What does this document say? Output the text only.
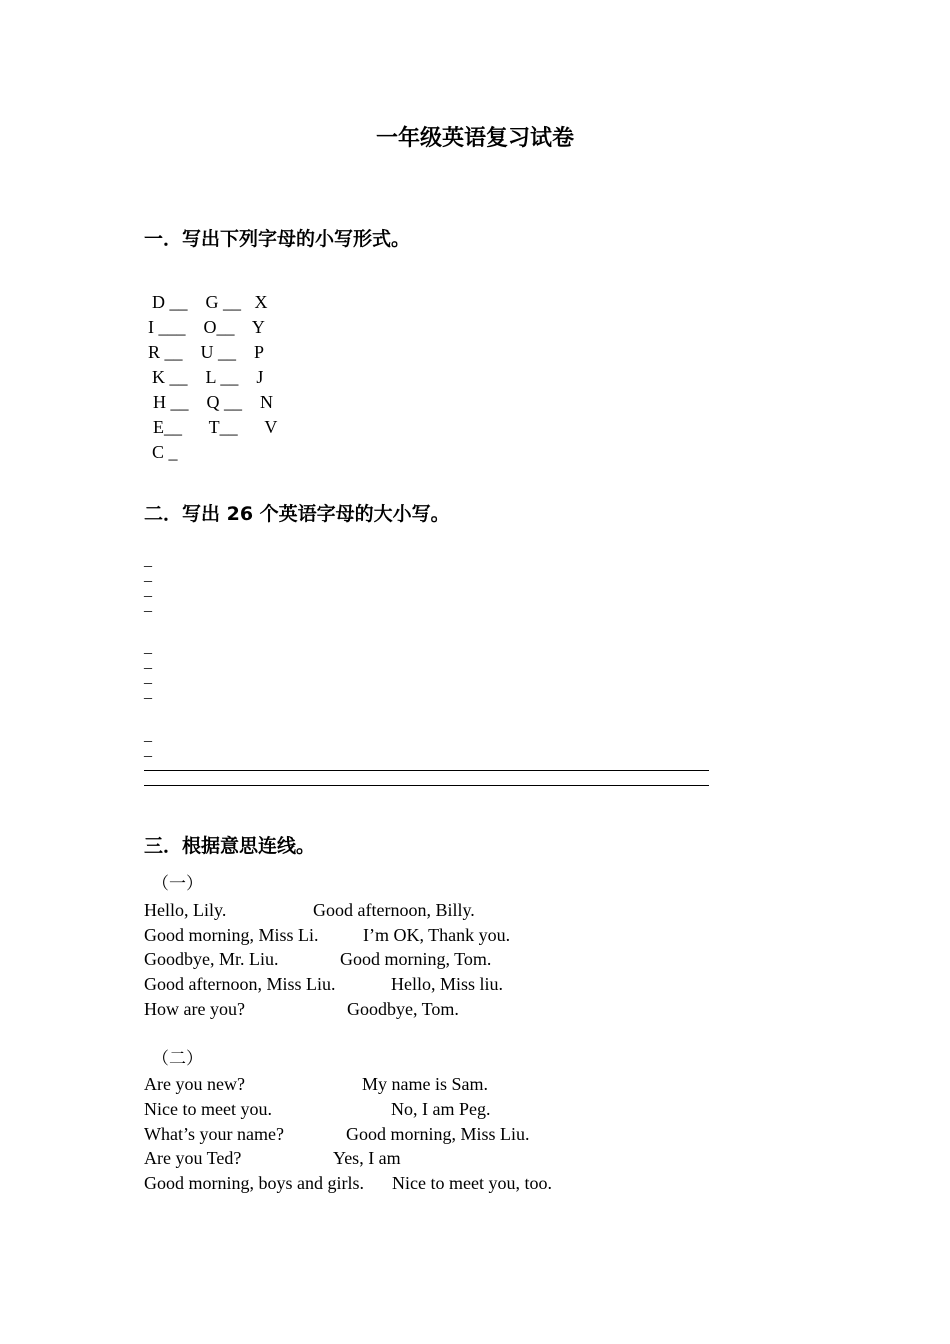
一年级英语复习试卷
一．写出下列字母的小写形式。
D __    G __   X
I ___    O__    Y
R __    U __    P
K __    L __    J
H __    Q __    N
E__      T__      V
C _
二．写出 26 个英语字母的大小写。
_
_
_
_
_
_
_
_
_
_
三．根据意思连线。
（一）
Hello, Lily.	Good afternoon, Billy.
Good morning, Miss Li. I’m OK, Thank you.
Goodbye, Mr. Liu.	Good morning, Tom.
Good afternoon, Miss Liu.	Hello, Miss liu.
How are you?	Goodbye, Tom.
（二）
Are you new?	My name is Sam.
Nice to meet you.	No, I am Peg.
What’s your name?	Good morning, Miss Liu.
Are you Ted?	Yes, I am
Good morning, boys and girls. Nice to meet you, too.
